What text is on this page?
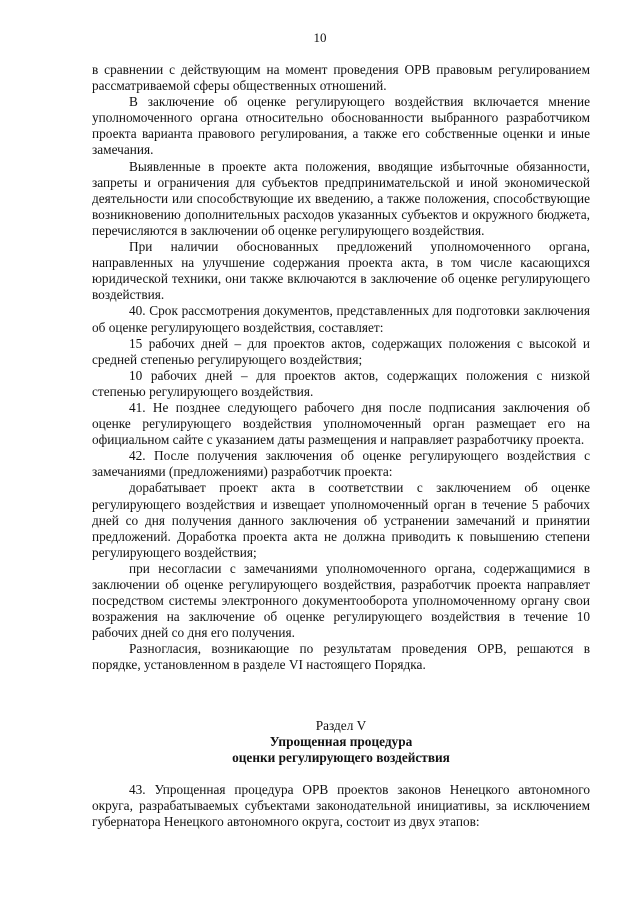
10

в сравнении с действующим на момент проведения ОРВ правовым регулированием рассматриваемой сферы общественных отношений.

В заключение об оценке регулирующего воздействия включается мнение уполномоченного органа относительно обоснованности выбранного разработчиком проекта варианта правового регулирования, а также его собственные оценки и иные замечания.

Выявленные в проекте акта положения, вводящие избыточные обязанности, запреты и ограничения для субъектов предпринимательской и иной экономической деятельности или способствующие их введению, а также положения, способствующие возникновению дополнительных расходов указанных субъектов и окружного бюджета, перечисляются в заключении об оценке регулирующего воздействия.

При наличии обоснованных предложений уполномоченного органа, направленных на улучшение содержания проекта акта, в том числе касающихся юридической техники, они также включаются в заключение об оценке регулирующего воздействия.

40. Срок рассмотрения документов, представленных для подготовки заключения об оценке регулирующего воздействия, составляет:

15 рабочих дней – для проектов актов, содержащих положения с высокой и средней степенью регулирующего воздействия;

10 рабочих дней – для проектов актов, содержащих положения с низкой степенью регулирующего воздействия.

41. Не позднее следующего рабочего дня после подписания заключения об оценке регулирующего воздействия уполномоченный орган размещает его на официальном сайте с указанием даты размещения и направляет разработчику проекта.

42. После получения заключения об оценке регулирующего воздействия с замечаниями (предложениями) разработчик проекта:

дорабатывает проект акта в соответствии с заключением об оценке регулирующего воздействия и извещает уполномоченный орган в течение 5 рабочих дней со дня получения данного заключения об устранении замечаний и принятии предложений. Доработка проекта акта не должна приводить к повышению степени регулирующего воздействия;

при несогласии с замечаниями уполномоченного органа, содержащимися в заключении об оценке регулирующего воздействия, разработчик проекта направляет посредством системы электронного документооборота уполномоченному органу свои возражения на заключение об оценке регулирующего воздействия в течение 10 рабочих дней со дня его получения.

Разногласия, возникающие по результатам проведения ОРВ, решаются в порядке, установленном в разделе VI настоящего Порядка.

Раздел V
Упрощенная процедура
оценки регулирующего воздействия

43. Упрощенная процедура ОРВ проектов законов Ненецкого автономного округа, разрабатываемых субъектами законодательной инициативы, за исключением губернатора Ненецкого автономного округа, состоит из двух этапов:
